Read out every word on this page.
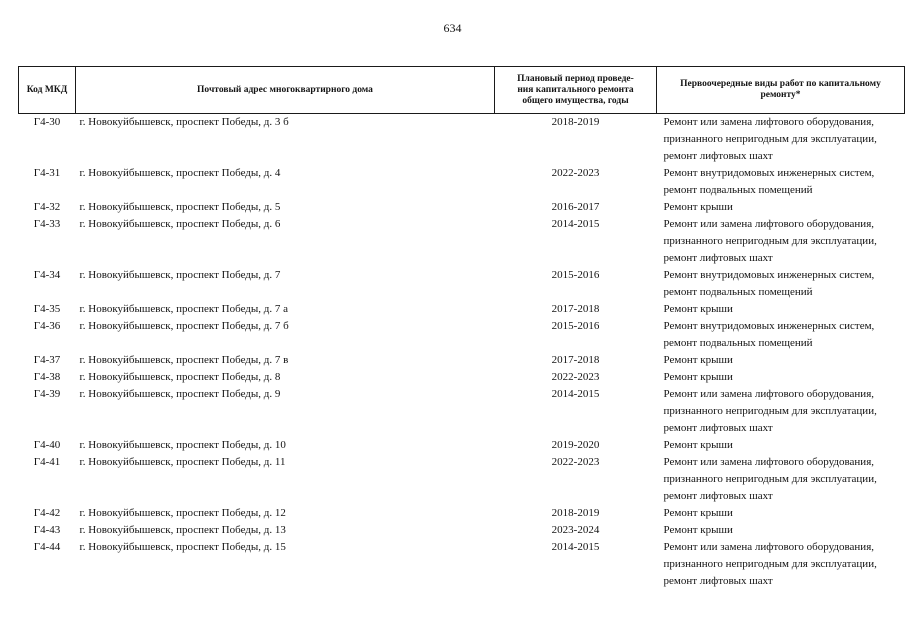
634
Код МКД	Почтовый адрес многоквартирного дома	Плановый период проведе-
ния капитального ремонта
общего имущества, годы	Первоочередные виды работ по капитальному
ремонту*

Г4-30	г. Новокуйбышевск, проспект Победы, д. 3 б	2018-2019	Ремонт или замена лифтового оборудования,
признанного непригодным для эксплуатации,
ремонт лифтовых шахт

Г4-31	г. Новокуйбышевск, проспект Победы, д. 4	2022-2023	Ремонт внутридомовых инженерных систем,
ремонт подвальных помещений

Г4-32	г. Новокуйбышевск, проспект Победы, д. 5	2016-2017	Ремонт крыши

Г4-33	г. Новокуйбышевск, проспект Победы, д. 6	2014-2015	Ремонт или замена лифтового оборудования,
признанного непригодным для эксплуатации,
ремонт лифтовых шахт

Г4-34	г. Новокуйбышевск, проспект Победы, д. 7	2015-2016	Ремонт внутридомовых инженерных систем,
ремонт подвальных помещений

Г4-35	г. Новокуйбышевск, проспект Победы, д. 7 а	2017-2018	Ремонт крыши

Г4-36	г. Новокуйбышевск, проспект Победы, д. 7 б	2015-2016	Ремонт внутридомовых инженерных систем,
ремонт подвальных помещений

Г4-37	г. Новокуйбышевск, проспект Победы, д. 7 в	2017-2018	Ремонт крыши

Г4-38	г. Новокуйбышевск, проспект Победы, д. 8	2022-2023	Ремонт крыши

Г4-39	г. Новокуйбышевск, проспект Победы, д. 9	2014-2015	Ремонт или замена лифтового оборудования,
признанного непригодным для эксплуатации,
ремонт лифтовых шахт

Г4-40	г. Новокуйбышевск, проспект Победы, д. 10	2019-2020	Ремонт крыши

Г4-41	г. Новокуйбышевск, проспект Победы, д. 11	2022-2023	Ремонт или замена лифтового оборудования,
признанного непригодным для эксплуатации,
ремонт лифтовых шахт

Г4-42	г. Новокуйбышевск, проспект Победы, д. 12	2018-2019	Ремонт крыши

Г4-43	г. Новокуйбышевск, проспект Победы, д. 13	2023-2024	Ремонт крыши

Г4-44	г. Новокуйбышевск, проспект Победы, д. 15	2014-2015	Ремонт или замена лифтового оборудования,
признанного непригодным для эксплуатации,
ремонт лифтовых шахт
